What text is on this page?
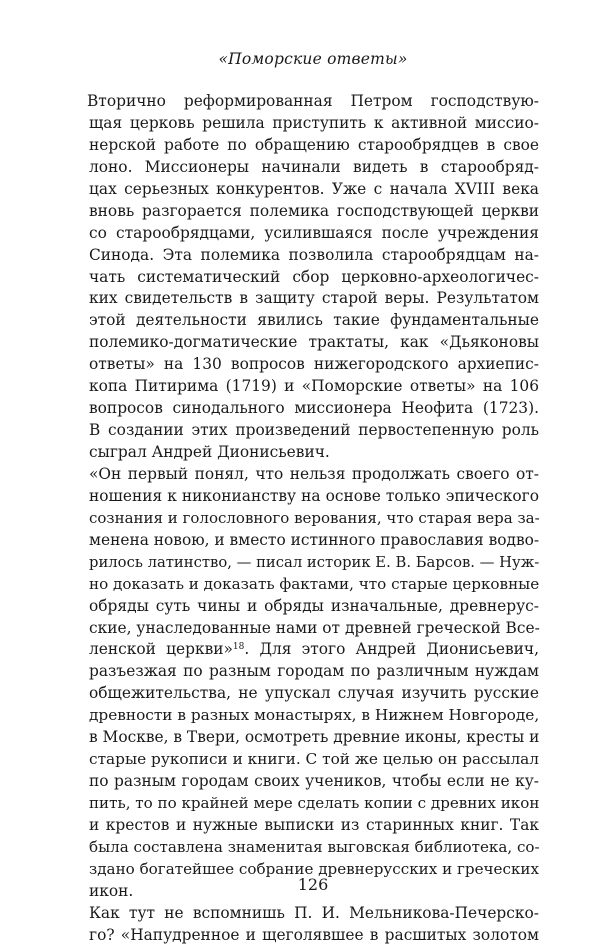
«Поморские ответы»
Вторично реформированная Петром господствую-
щая церковь решила приступить к активной миссио-
нерской работе по обращению старообрядцев в свое
лоно. Миссионеры начинали видеть в старообряд-
цах серьезных конкурентов. Уже с начала XVIII века
вновь разгорается полемика господствующей церкви
со старообрядцами, усилившаяся после учреждения
Синода. Эта полемика позволила старообрядцам на-
чать систематический сбор церковно-археологичес-
ких свидетельств в защиту старой веры. Результатом
этой деятельности явились такие фундаментальные
полемико-догматические трактаты, как «Дьяконовы
ответы» на 130 вопросов нижегородского архиепис-
копа Питирима (1719) и «Поморские ответы» на 106
вопросов синодального миссионера Неофита (1723).
В создании этих произведений первостепенную роль
сыграл Андрей Дионисьевич.
«Он первый понял, что нельзя продолжать своего от-
ношения к никонианству на основе только эпического
сознания и голословного верования, что старая вера за-
менена новою, и вместо истинного православия водво-
рилось латинство, — писал историк Е. В. Барсов. — Нуж-
но доказать и доказать фактами, что старые церковные
обряды суть чины и обряды изначальные, древнерус-
ские, унаследованные нами от древней греческой Всe-
ленской церкви»$^{18}$. Для этого Андрей Дионисьевич,
разъезжая по разным городам по различным нуждам
общежительства, не упускал случая изучить русские
древности в разных монастырях, в Нижнем Новгороде,
в Москве, в Твери, осмотреть древние иконы, кресты и
старые рукописи и книги. С той же целью он рассылал
по разным городам своих учеников, чтобы если не ку-
пить, то по крайней мере сделать копии с древних икон
и крестов и нужные выписки из старинных книг. Так
была составлена знаменитая выговская библиотека, со-
здано богатейшее собрание древнерусских и греческих
икон.
Как тут не вспомнишь П. И. Мельникова-Печерско-
го? «Напудренное и щеголявшее в расшитых золотом
126
